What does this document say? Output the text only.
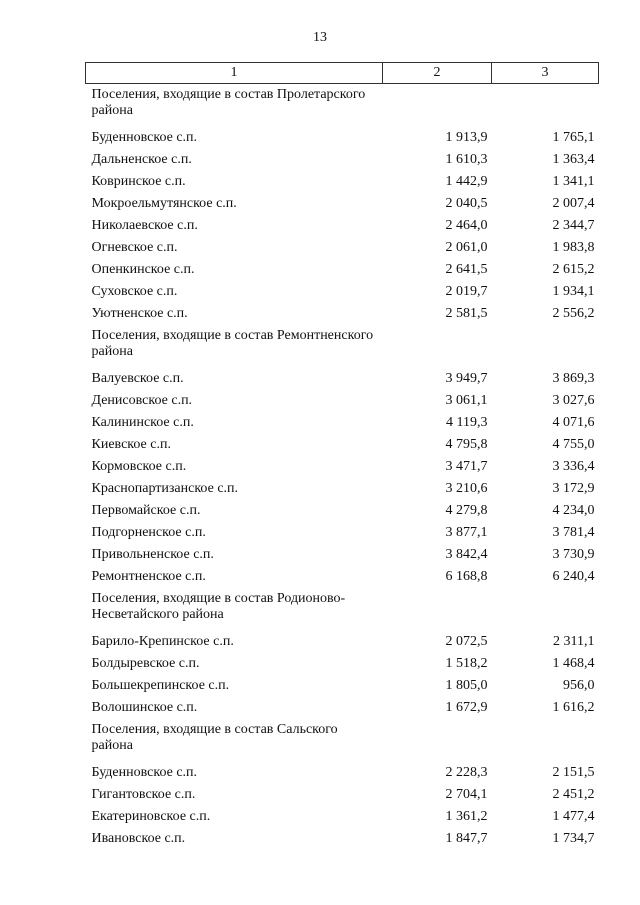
13
1	2	3
Поселения, входящие в состав Пролетарского района		
Буденновское с.п.	1 913,9	1 765,1
Дальненское с.п.	1 610,3	1 363,4
Ковринское с.п.	1 442,9	1 341,1
Мокроельмутянское с.п.	2 040,5	2 007,4
Николаевское с.п.	2 464,0	2 344,7
Огневское с.п.	2 061,0	1 983,8
Опенкинское с.п.	2 641,5	2 615,2
Суховское с.п.	2 019,7	1 934,1
Уютненское с.п.	2 581,5	2 556,2
Поселения, входящие в состав Ремонтненского района		
Валуевское с.п.	3 949,7	3 869,3
Денисовское с.п.	3 061,1	3 027,6
Калининское с.п.	4 119,3	4 071,6
Киевское с.п.	4 795,8	4 755,0
Кормовское с.п.	3 471,7	3 336,4
Краснопартизанское с.п.	3 210,6	3 172,9
Первомайское с.п.	4 279,8	4 234,0
Подгорненское с.п.	3 877,1	3 781,4
Привольненское с.п.	3 842,4	3 730,9
Ремонтненское с.п.	6 168,8	6 240,4
Поселения, входящие в состав Родионово-Несветайского района		
Барило-Крепинское с.п.	2 072,5	2 311,1
Болдыревское с.п.	1 518,2	1 468,4
Большекрепинское с.п.	1 805,0	956,0
Волошинское с.п.	1 672,9	1 616,2
Поселения, входящие в состав Сальского района		
Буденновское с.п.	2 228,3	2 151,5
Гигантовское с.п.	2 704,1	2 451,2
Екатериновское с.п.	1 361,2	1 477,4
Ивановское с.п.	1 847,7	1 734,7
